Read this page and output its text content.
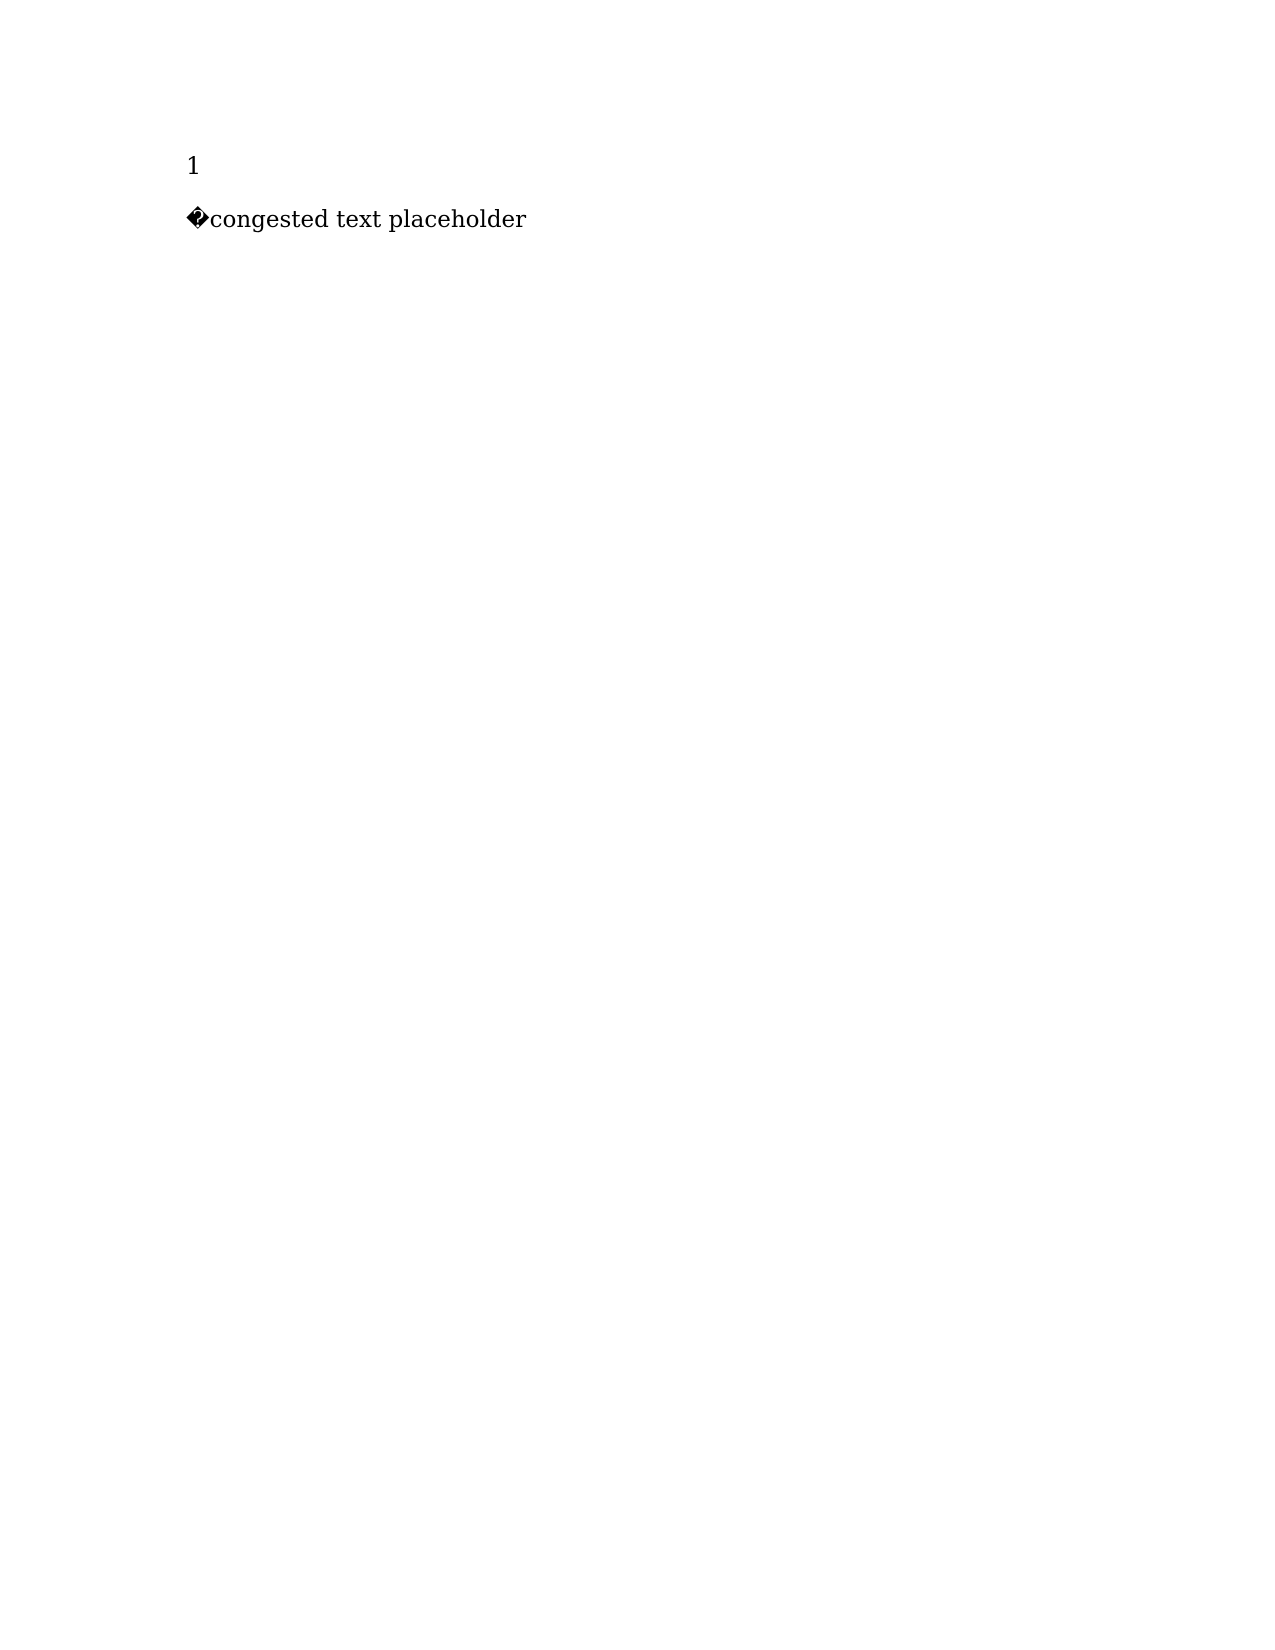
1

�congested text placeholder
